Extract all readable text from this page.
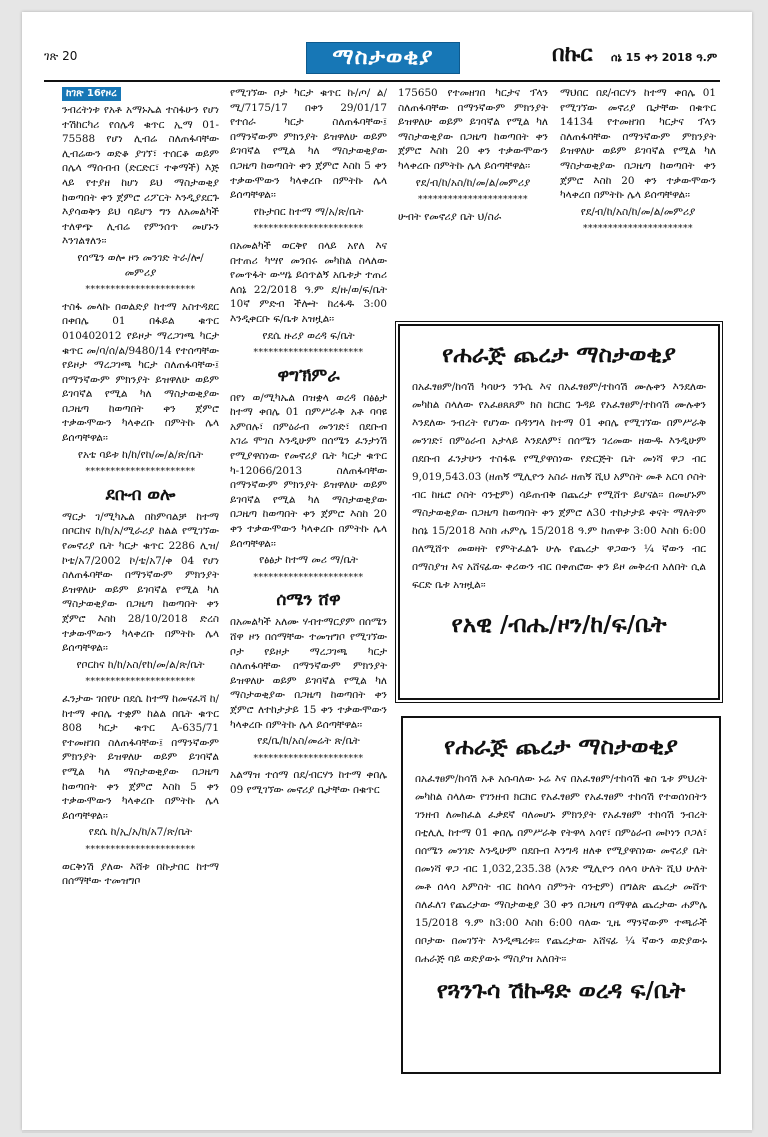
ገጽ 20	ማስታወቂያ	በኩር ሰኔ 15 ቀን 2018 ዓ.ም
ከገጽ 16የዞረ

ንብረትነቱ የአቶ አማኑኤል ተስፋሁን የሆነ ተሽከርካሪ የሰሌዳ ቁጥር ኢማ 01-75588 የሆነ ሊብሬ ስለጠፋባቸው ሊብሬውን ወድቆ ያገኘ፣ ተሰርቆ ወይም በሌላ ማሰብብ (ድርድር፣ ተቀማች) እጅ ላይ የተያዘ ከሆነ ይህ ማስታወቂያ ከወጣበት ቀን ጀምሮ ሪፖርት እንዲያደርጉ እያሳወቅን ይህ ባይሆን ግን ለአመልካች ተለዋጭ ሊብሬ የምንሰጥ መሆኑን እንገልፃለን፡፡

የሰሜን ወሎ ዞን መንገድ ትራ/ሎ/ መምሪያ
**********************

ተስፋ መላኩ በወልድያ ከተማ አስተዳደር በቀበሌ 01 በፋይል ቁጥር 010402012 የይዞታ ማረጋገጫ ካርታ ቁጥር መ/ባ/ሰ/ል/9480/14 የተሰጣቸው የይዞታ ማረጋገጫ ካርታ ስለጠፋባቸው፤ በማንኛውም ምክንያት ይዝዋለሁ ወይም ይገባኛል የሚል ካለ ማስታወቂያው በጋዜጣ ከወጣበት ቀን ጀምሮ ተቃውሞውን ካላቀረቡ በምትኩ ሌላ ይሰጣቸዋል፡፡

የአቴ ባይቱ ከ/ከ/የከ/መ/ል/ጽ/ቤት
**********************
ደቡብ ወሎ

ማርታ ገ/ሚካኤል በከምባልቻ ከተማ በቦርከና ከ/ከ/አ/ሚራሪያ ከልል የሚገኘው የመኖሪያ ቤት ካርታ ቁጥር 2286 ሊዝ/ኮቴ/አ7/2002 ኮ/ቴ/አ7/ቀ 04 የሆነ ስለጠፋባቸው በማንኛውም ምክንያት ይዝዋለሁ ወይም ይገባኛል የሚል ካለ ማስታወቂያው በጋዜጣ ከወጣበት ቀን ጀምሮ እስከ 28/10/2018 ድረስ ተቃውሞውን ካላቀረቡ በምትኩ ሌላ ይሰጣቸዋል፡፡

የቦርከና ከ/ከ/አስ/የከ/መ/ል/ጽ/ቤት
**********************

ፈንታው ገበየሁ በደሴ ከተማ ከመናፈሻ ከ/ከተማ ቀበሌ ተቋም ከልል በቤት ቁጥር 808 ካርታ ቁጥር A-635/71 የተመዘገበ ስለጠፋባቸው፤ በማንኛውም ምክንያት ይዝዋለሁ ወይም ይገባኛል የሚል ካለ ማስታወቂያው በጋዜጣ ከወጣበት ቀን ጀምሮ እስከ 5 ቀን ተቃውሞውን ካላቀረቡ በምትኩ ሌላ ይሰጣቸዋል፡፡

የደሴ ከ/ኢ/አ/ከ/አ7/ጽ/ቤት
**********************

ወርቅነሽ ያለው እሸቱ በኩታበር ከተማ በሰማቸው ተመዝግቦ

የሚገኘው ቦታ ካርታ ቁጥር ኩ/ጦ/ ል/ሚ/7175/17 በቀን 29/01/17 የተሰራ ካርታ ስለጠፋባቸው፤ በማንኛውም ምክንያት ይዝዋለሁ ወይም ይገባኛል የሚል ካለ ማስታወቂያው በጋዜጣ ከወጣበት ቀን ጀምሮ እስከ 5 ቀን ተቃውሞውን ካላቀረቡ በምትኩ ሌላ ይሰጣቸዋል፡፡

የኩታበር ከተማ ማ/አ/ጽ/ቤት
**********************

በአመልካች ወርቅየ በላይ አየለ እና በተጠሪ ካሣየ መንበሩ መካከል ስላለው የመጥፋት ውሣኔ ይሰጥልኝ አቤቱታ ተጠሪ ለሰኔ 22/2018 ዓ.ም ደ/ዙ/ወ/ፍ/ቤት 10ኛ ምድብ ችሎት ከረፋዱ 3:00 እንዲቀርቡ ፍ/ቤቱ አዝዟል፡፡

የደሴ ዙሪያ ወረዳ ፍ/ቤት
**********************
ዋግኽምራ

በየነ ወ/ሚካኤል በዝቋላ ወረዳ በፅፅታ ከተማ ቀበሌ 01 በምሥራቅ አቶ ባባዩ አምበሉ፣ በምዕራብ መንገድ፣ በደቡብ አገሬ ሞገስ እንዲሁም በሰሜን ፈንታነሽ የሚያዋስነው የመኖሪያ ቤት ካርታ ቁጥር ካ-12066/2013 ስለጠፋባቸው በማንኛውም ምክንያት ይዝዋለሁ ወይም ይገባኛል የሚል ካለ ማስታወቂያው በጋዜጣ ከወጣበት ቀን ጀምሮ እስከ 20 ቀን ተቃውሞውን ካላቀረቡ በምትኩ ሌላ ይሰጣቸዋል፡፡

የፅፅታ ከተማ መሪ ማ/ቤት
**********************
ሰሜን ሸዋ

በአመልካች አለሙ ሃብተማርያም በሰሜን ሸዋ ዞን በሰማቸው ተመዝግቦ የሚገኘው ቦታ የይዞታ ማረጋገጫ ካርታ ስለጠፋባቸው በማንኛውም ምክንያት ይዝዋለሁ ወይም ይገባኛል የሚል ካለ ማስታወቂያው በጋዜጣ ከወጣበት ቀን ጀምሮ ለተከታታይ 15 ቀን ተቃውሞውን ካላቀረቡ በምትኩ ሌላ ይሰጣቸዋል፡፡

የደ/ቤ/ከ/አስ/መሬት ጽ/ቤት
**********************

አልማዝ ተሰማ በደ/ብርሃን ከተማ ቀበሌ 09 የሚገኘው መኖሪያ ቤታቸው በቁጥር

175650 የተመዘገበ ካርታና ፕላን ስለጠፋባቸው በማንኛውም ምክንያት ይዝዋለሁ ወይም ይገባኛል የሚል ካለ ማስታወቂያው በጋዜጣ ከወጣበት ቀን ጀምሮ እስከ 20 ቀን ተቃውሞውን ካላቀረቡ በምትኩ ሌላ ይሰጣቸዋል፡፡

የደ/ብ/ከ/አስ/ከ/መ/ል/መምሪያ
**********************

ሁብት የመኖሪያ ቤት ህ/ስራ

ማህበር በደ/ብርሃን ከተማ ቀበሌ 01 የሚገኘው መኖሪያ ቤታቸው በቁጥር 14134 የተመዘገበ ካርታና ፕላን ስለጠፋባቸው በማንኛውም ምክንያት ይዝዋለሁ ወይም ይገባኛል የሚል ካለ ማስታወቂያው በጋዜጣ ከወጣበት ቀን ጀምሮ እስከ 20 ቀን ተቃውሞውን ካላቀረበ በምትኩ ሌላ ይሰጣቸዋል፡፡

የደ/ብ/ከ/አስ/ከ/መ/ል/መምሪያ
**********************
የሐራጅ ጨረታ ማስታወቂያ
በአፈፃፀም/ከሳሽ ካሳሁን ንጉሴ እና በአፈፃፀም/ተከሳሽ ሙሉቀን እንደለው መካከል ስላለው የአፈፀጸጸም ክስ ከርክር ጉዳይ የአፈፃፀም/ተከሳሽ ሙሉቀን እንደለው ንብረት የሆነው በዳንግላ ከተማ 01 ቀበሌ የሚገኘው በምሥራቅ መንገድ፣ በምዕራብ አታላይ እንደለም፣ በሰሜን ገረመው ዘውዱ እንዲሁም በደቡብ ፈንታሁን ተስፋዬ የሚያዋስነው የድርጅት ቤት መነሻ ዋጋ ብር 9,019,543.03 (ዘጠኝ ሚሊዮን አስራ ዘጠኝ ሺህ አምስት መቶ አርባ ሶስት ብር ከዜሮ ሶስት ሳንቲም) ሳይጠብቅ በጨረታ የሚሸጥ ይሆናል፡፡ በመሆኑም ማስታወቂያው በጋዜጣ ከወጣበት ቀን ጀምሮ ለ30 ተከታታይ ቀናት ማለትም ከሰኔ 15/2018 እስከ ሐምሌ 15/2018 ዓ.ም ከጠዋቱ 3:00 እስከ 6:00 በለሚሸጥ መወዛት የምትፈልጉ ሁሉ የጨረታ ዋጋውን ¼ ኛውን ብር በማስያዝ እና አሸናፊው ቀሪውን ብር በቀጠሮው ቀን ይዞ መቅረብ አለበት ሲል ፍርድ ቤቱ አዝዟል፡፡
የአዊ /ብሔ/ዞን/ከ/ፍ/ቤት
የሐራጅ ጨረታ ማስታወቂያ
በአፈፃፀም/ከሳሽ አቶ አሱባለው ኑሬ እና በአፈፃፀም/ተከሳሽ ቄስ ጌቱ ምህረት መካከል ስላለው የገንዘብ ክርክር የአፈፃፀም የአፈፃፀም ተከሳሽ የተወሰነበትን ገንዘብ ለመክፈል ፈቃደኛ ባለመሆኑ ምክንያት የአፈፃፀም ተከሳሽ ንብረት በቲሊሊ ከተማ 01 ቀበሌ በምሥራቅ የትዋላ አሳየ፣ በምዕራብ መኮነን ቦጋለ፣ በሰሜን መንገድ እንዲሁም በደቡብ እንግዳ ዘለቀ የሚያዋስነው መኖሪያ ቤት በመነሻ ዋጋ ብር 1,032,235.38 (አንድ ሚሊዮን ሰላሳ ሁለት ሺህ ሁለት መቶ ሰላሳ አምስት ብር ከሰላሳ ስምንት ሳንቲም) በግልጽ ጨረታ መሸጥ ስለፈለገ የጨረታው ማስታወቂያ 30 ቀን በጋዜጣ በማዋል ጨረታው ሐምሌ 15/2018 ዓ.ም ከ3:00 እስከ 6:00 ባለው ጊዜ ማንኛውም ተጫራች በቦታው በመገኘት እንዲጫረቱ፡፡ የጨረታው አሸናፊ ¼ ኛውን ወድያውኑ በሐራጅ ባይ ወድያውኑ ማስያዝ አለበት፡፡
የጓንጉሳ ሽኩዳድ ወረዳ ፍ/ቤት
